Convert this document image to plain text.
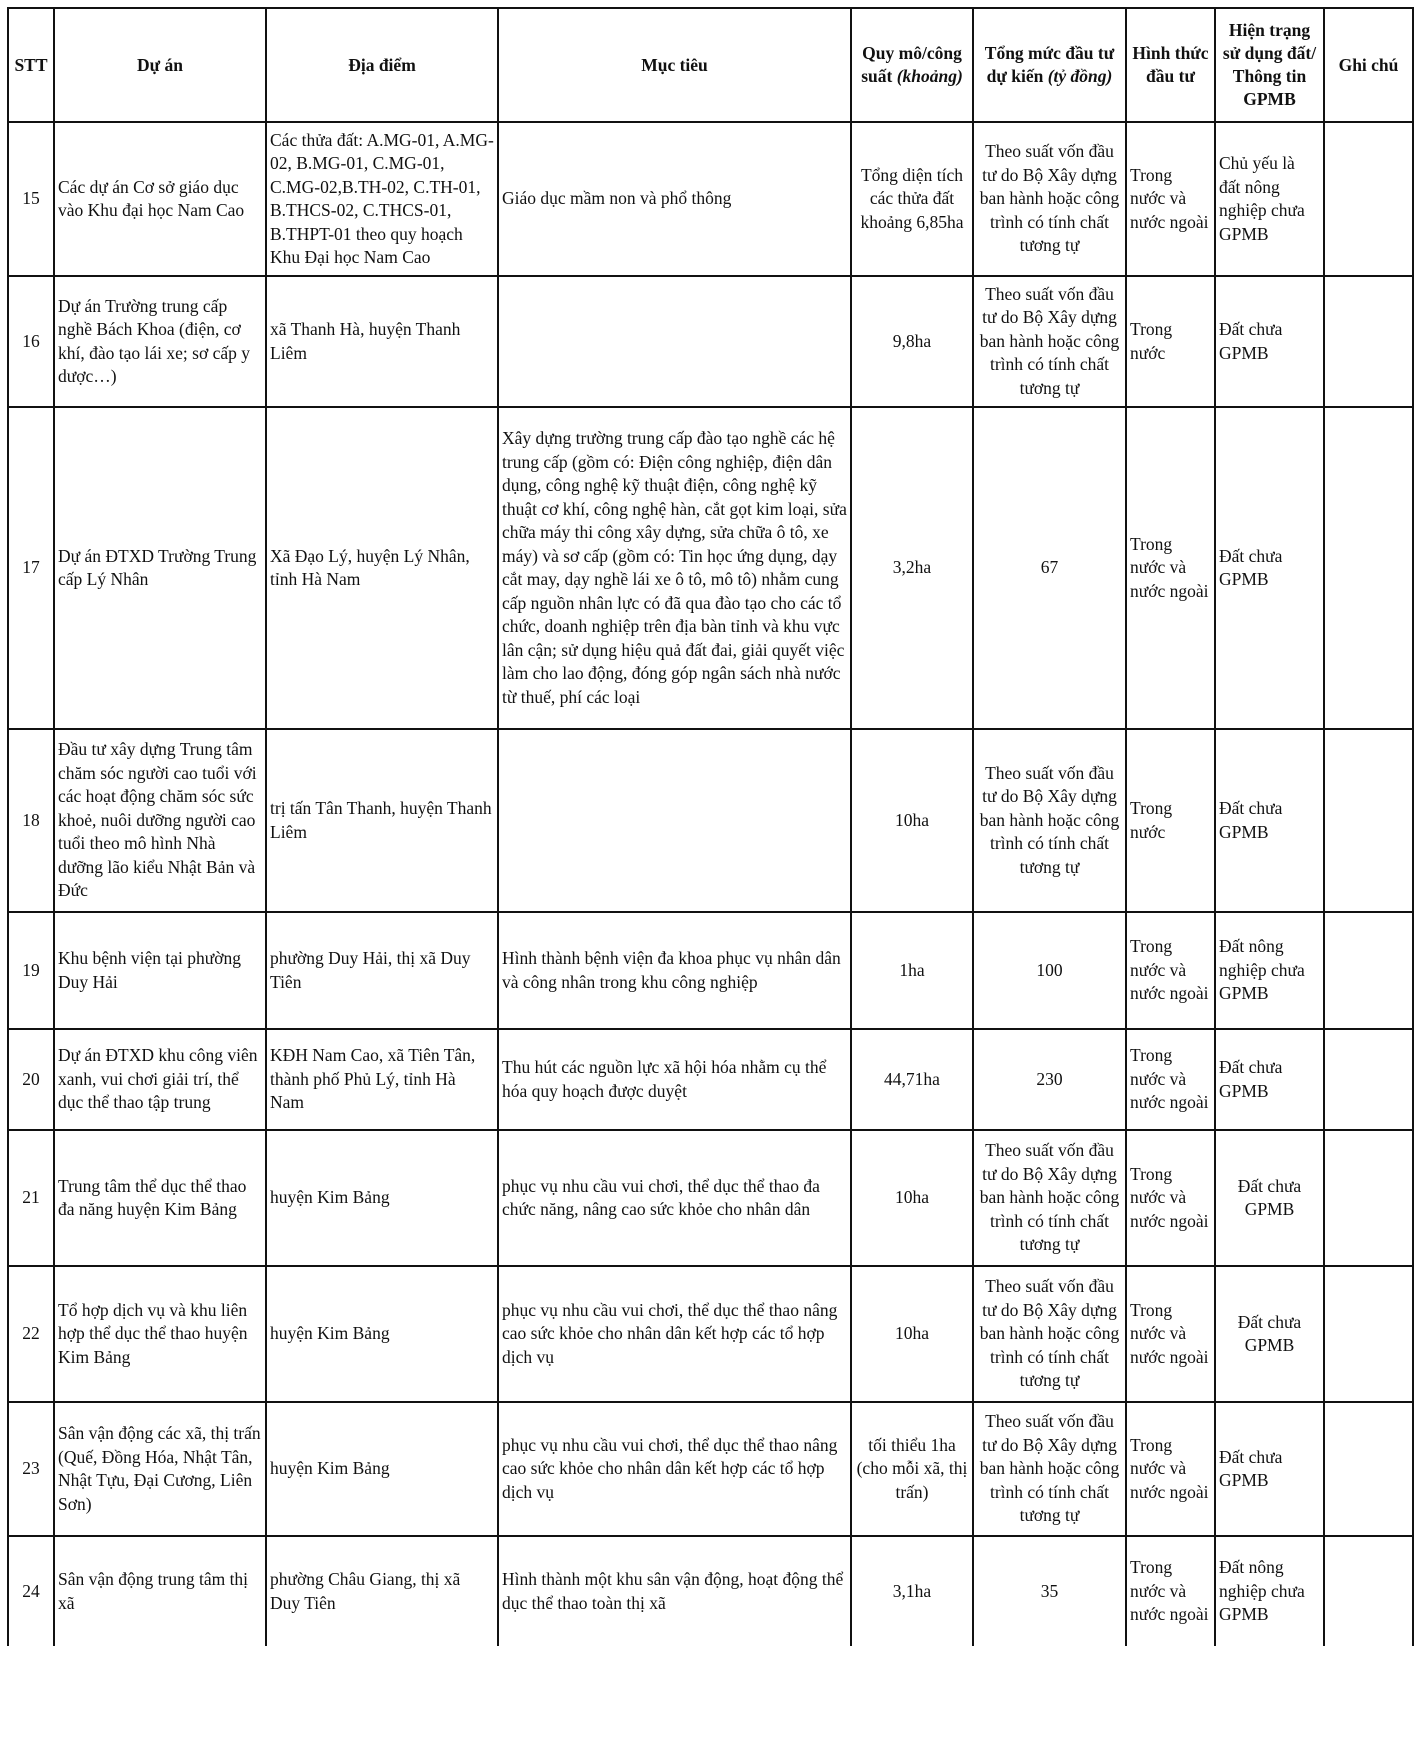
STT	Dự án	Địa điểm	Mục tiêu	Quy mô/công suất (khoảng)	Tổng mức đầu tư dự kiến (tỷ đồng)	Hình thức đầu tư	Hiện trạng sử dụng đất/ Thông tin GPMB	Ghi chú
15	Các dự án Cơ sở giáo dục vào Khu đại học Nam Cao	Các thửa đất: A.MG-01, A.MG-02, B.MG-01, C.MG-01, C.MG-02,B.TH-02, C.TH-01, B.THCS-02, C.THCS-01, B.THPT-01 theo quy hoạch Khu Đại học Nam Cao	Giáo dục mầm non và phổ thông	Tổng diện tích các thửa đất khoảng 6,85ha	Theo suất vốn đầu tư do Bộ Xây dựng ban hành hoặc công trình có tính chất tương tự	Trong nước và nước ngoài	Chủ yếu là đất nông nghiệp chưa GPMB	
16	Dự án Trường trung cấp nghề Bách Khoa (điện, cơ khí, đào tạo lái xe; sơ cấp y dược…)	xã Thanh Hà, huyện Thanh Liêm		9,8ha	Theo suất vốn đầu tư do Bộ Xây dựng ban hành hoặc công trình có tính chất tương tự	Trong nước	Đất chưa GPMB	
17	Dự án ĐTXD Trường Trung cấp Lý Nhân	Xã Đạo Lý, huyện Lý Nhân, tỉnh Hà Nam	Xây dựng trường trung cấp đào tạo nghề các hệ trung cấp (gồm có: Điện công nghiệp, điện dân dụng, công nghệ kỹ thuật điện, công nghệ kỹ thuật cơ khí, công nghệ hàn, cắt gọt kim loại, sửa chữa máy thi công xây dựng, sửa chữa ô tô, xe máy) và sơ cấp (gồm có: Tin học ứng dụng, dạy cắt may, dạy nghề lái xe ô tô, mô tô) nhằm cung cấp nguồn nhân lực có đã qua đào tạo cho các tổ chức, doanh nghiệp trên địa bàn tỉnh và khu vực lân cận; sử dụng hiệu quả đất đai, giải quyết việc làm cho lao động, đóng góp ngân sách nhà nước từ thuế, phí các loại	3,2ha	67	Trong nước và nước ngoài	Đất chưa GPMB	
18	Đầu tư xây dựng Trung tâm chăm sóc người cao tuổi với các hoạt động chăm sóc sức khoẻ, nuôi dưỡng người cao tuổi theo mô hình Nhà dưỡng lão kiểu Nhật Bản và Đức	trị tấn Tân Thanh, huyện Thanh Liêm		10ha	Theo suất vốn đầu tư do Bộ Xây dựng ban hành hoặc công trình có tính chất tương tự	Trong nước	Đất chưa GPMB	
19	Khu bệnh viện tại phường Duy Hải	phường Duy Hải, thị xã Duy Tiên	Hình thành bệnh viện đa khoa phục vụ nhân dân và công nhân trong khu công nghiệp	1ha	100	Trong nước và nước ngoài	Đất nông nghiệp chưa GPMB	
20	Dự án ĐTXD khu công viên xanh, vui chơi giải trí, thể dục thể thao tập trung	KĐH Nam Cao, xã Tiên Tân, thành phố Phủ Lý, tỉnh Hà Nam	Thu hút các nguồn lực xã hội hóa nhằm cụ thể hóa quy hoạch được duyệt	44,71ha	230	Trong nước và nước ngoài	Đất chưa GPMB	
21	Trung tâm thể dục thể thao đa năng huyện Kim Bảng	huyện Kim Bảng	phục vụ nhu cầu vui chơi, thể dục thể thao đa chức năng, nâng cao sức khỏe cho nhân dân	10ha	Theo suất vốn đầu tư do Bộ Xây dựng ban hành hoặc công trình có tính chất tương tự	Trong nước và nước ngoài	Đất chưa GPMB	
22	Tổ hợp dịch vụ và khu liên hợp thể dục thể thao huyện Kim Bảng	huyện Kim Bảng	phục vụ nhu cầu vui chơi, thể dục thể thao nâng cao sức khỏe cho nhân dân kết hợp các tổ hợp dịch vụ	10ha	Theo suất vốn đầu tư do Bộ Xây dựng ban hành hoặc công trình có tính chất tương tự	Trong nước và nước ngoài	Đất chưa GPMB	
23	Sân vận động các xã, thị trấn (Quế, Đồng Hóa, Nhật Tân, Nhật Tựu, Đại Cương, Liên Sơn)	huyện Kim Bảng	phục vụ nhu cầu vui chơi, thể dục thể thao nâng cao sức khỏe cho nhân dân kết hợp các tổ hợp dịch vụ	tối thiểu 1ha (cho mỗi xã, thị trấn)	Theo suất vốn đầu tư do Bộ Xây dựng ban hành hoặc công trình có tính chất tương tự	Trong nước và nước ngoài	Đất chưa GPMB	
24	Sân vận động trung tâm thị xã	phường Châu Giang, thị xã Duy Tiên	Hình thành một khu sân vận động, hoạt động thể dục thể thao toàn thị xã	3,1ha	35	Trong nước và nước ngoài	Đất nông nghiệp chưa GPMB	
